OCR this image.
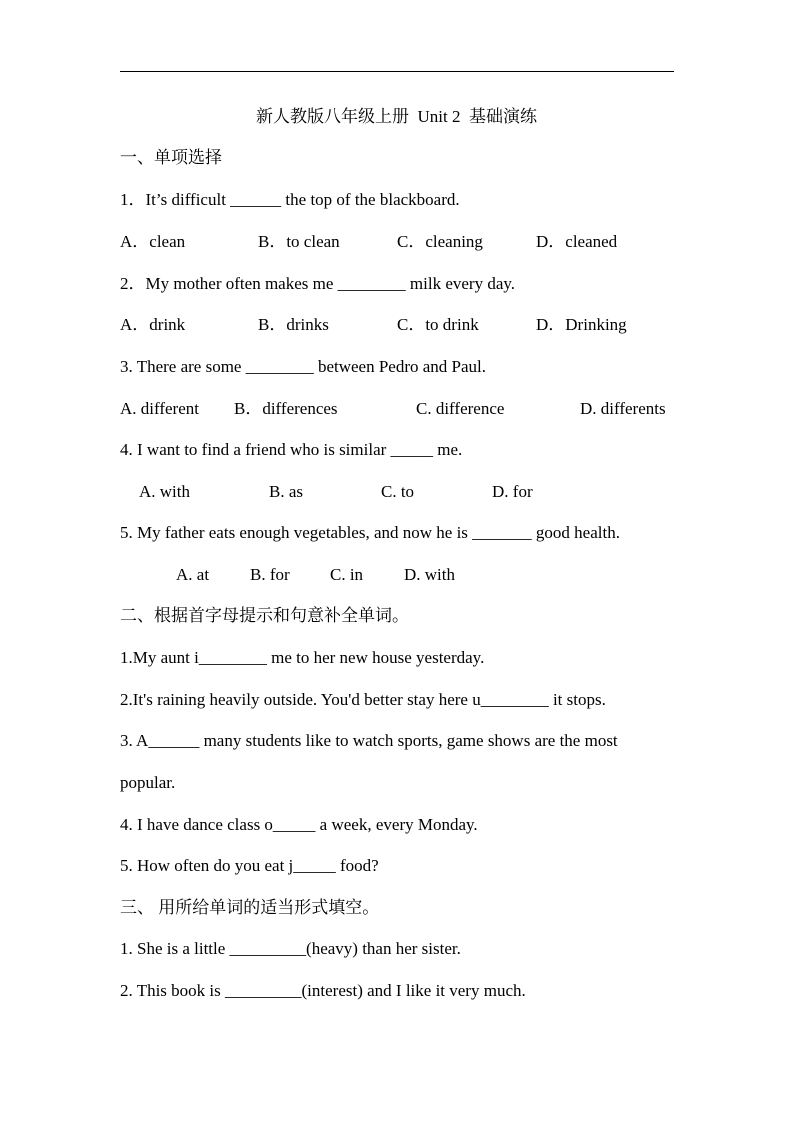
新人教版八年级上册  Unit 2  基础演练
一、单项选择
1．It’s difficult ______ the top of the blackboard.
A．clean	B．to clean	C．cleaning	D．cleaned
2．My mother often makes me ________ milk every day.
A．drink	B．drinks	C．to drink	D．Drinking
3. There are some ________ between Pedro and Paul.
A. different B．differences	C. difference	D. differents
4. I want to find a friend who is similar _____ me.
A. with	B. as	C. to	D. for
5. My father eats enough vegetables, and now he is _______ good health.
A. at B. for C. in D. with
二、根据首字母提示和句意补全单词。
1.My aunt i________ me to her new house yesterday.
2.It's raining heavily outside. You'd better stay here u________ it stops.
3. A______ many students like to watch sports, game shows are the most
popular.
4. I have dance class o_____ a week, every Monday.
5. How often do you eat j_____ food?
三、 用所给单词的适当形式填空。
1. She is a little _________(heavy) than her sister.
2. This book is _________(interest) and I like it very much.
